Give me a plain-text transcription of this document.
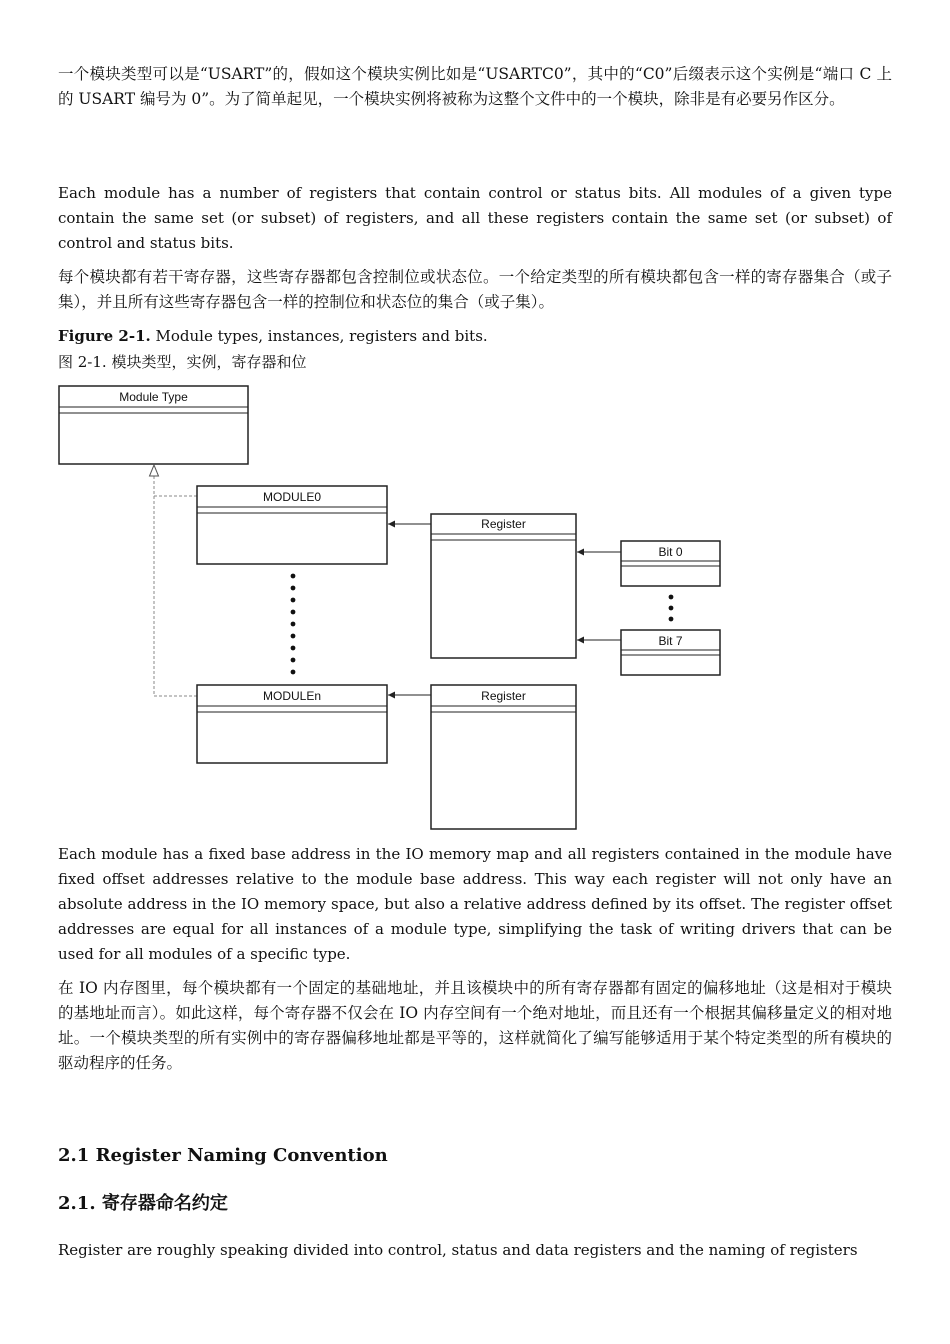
一个模块类型可以是“USART”的，假如这个模块实例比如是“USARTC0”，其中的“C0”后缀表示这个实例是“端口 C 上的 USART 编号为 0”。为了简单起见，一个模块实例将被称为这整个文件中的一个模块，除非是有必要另作区分。

Each module has a number of registers that contain control or status bits. All modules of a given type contain the same set (or subset) of registers, and all these registers contain the same set (or subset) of control and status bits.

每个模块都有若干寄存器，这些寄存器都包含控制位或状态位。一个给定类型的所有模块都包含一样的寄存器集合（或子集），并且所有这些寄存器包含一样的控制位和状态位的集合（或子集）。

Figure 2-1. Module types, instances, registers and bits.

图 2-1. 模块类型，实例，寄存器和位

Module Type
MODULE0
MODULEn
Register
Register
Bit 0
Bit 7

Each module has a fixed base address in the IO memory map and all registers contained in the module have fixed offset addresses relative to the module base address. This way each register will not only have an absolute address in the IO memory space, but also a relative address defined by its offset. The register offset addresses are equal for all instances of a module type, simplifying the task of writing drivers that can be used for all modules of a specific type.

在 IO 内存图里，每个模块都有一个固定的基础地址，并且该模块中的所有寄存器都有固定的偏移地址（这是相对于模块的基地址而言）。如此这样，每个寄存器不仅会在 IO 内存空间有一个绝对地址，而且还有一个根据其偏移量定义的相对地址。一个模块类型的所有实例中的寄存器偏移地址都是平等的，这样就简化了编写能够适用于某个特定类型的所有模块的驱动程序的任务。

2.1 Register Naming Convention
2.1. 寄存器命名约定

Register are roughly speaking divided into control, status and data registers and the naming of registers
